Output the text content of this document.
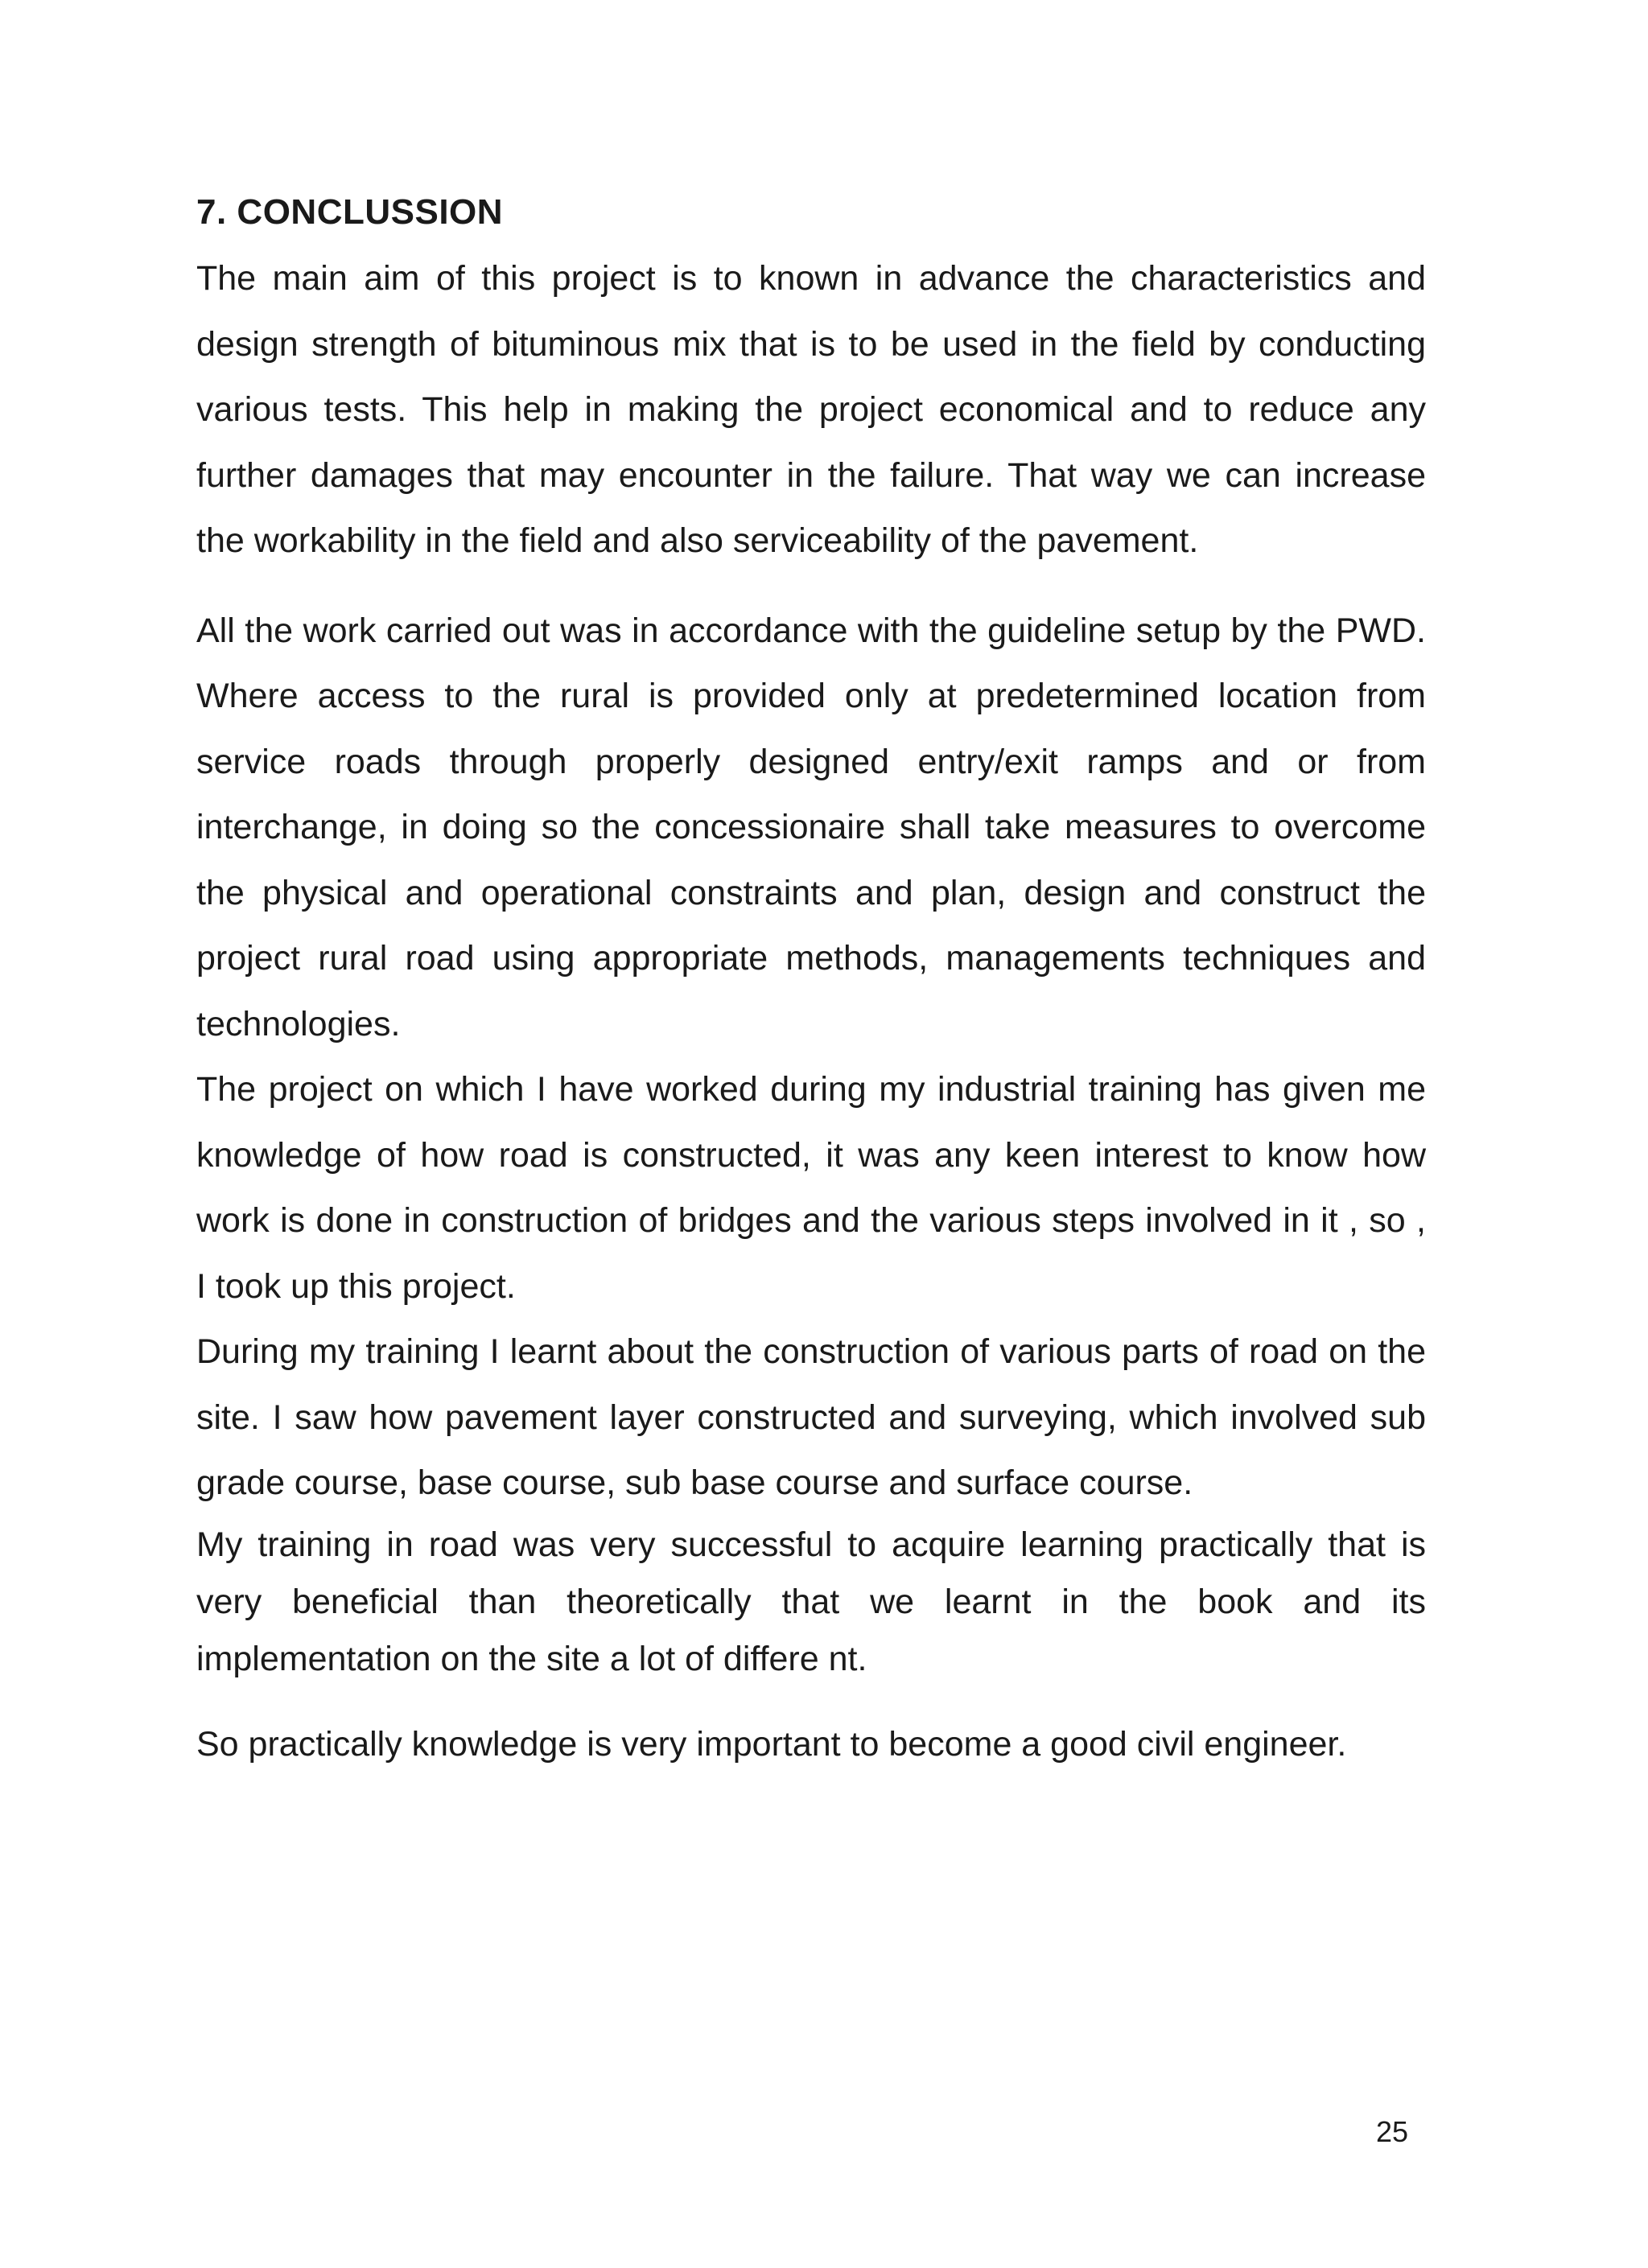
7. CONCLUSSION

The main aim of this project is to known in advance the characteristics and design strength of bituminous mix that is to be used in the field by conducting various tests. This help in making the project economical and to reduce any further damages that may encounter in the failure. That way we can increase the workability in the field and also serviceability of the pavement.

All the work carried out was in accordance with the guideline setup by the PWD. Where access to the rural is provided only at predetermined location from service roads through properly designed entry/exit ramps and or from interchange, in doing so the concessionaire shall take measures to overcome the physical and operational constraints and plan, design and construct the project rural road using appropriate methods, managements techniques and technologies.

The project on which I have worked during my industrial training has given me knowledge of how road is constructed, it was any keen interest to know how work is done in construction of bridges and the various steps involved in it , so , I took up this project.

During my training I learnt about the construction of various parts of road on the site. I saw how pavement layer constructed and surveying, which involved sub grade course, base course, sub base course and surface course.

My training in road was very successful to acquire learning practically that is very beneficial than theoretically that we learnt in the book and its implementation on the site a lot of differe nt.

So practically knowledge is very important to become a good civil engineer.

25
